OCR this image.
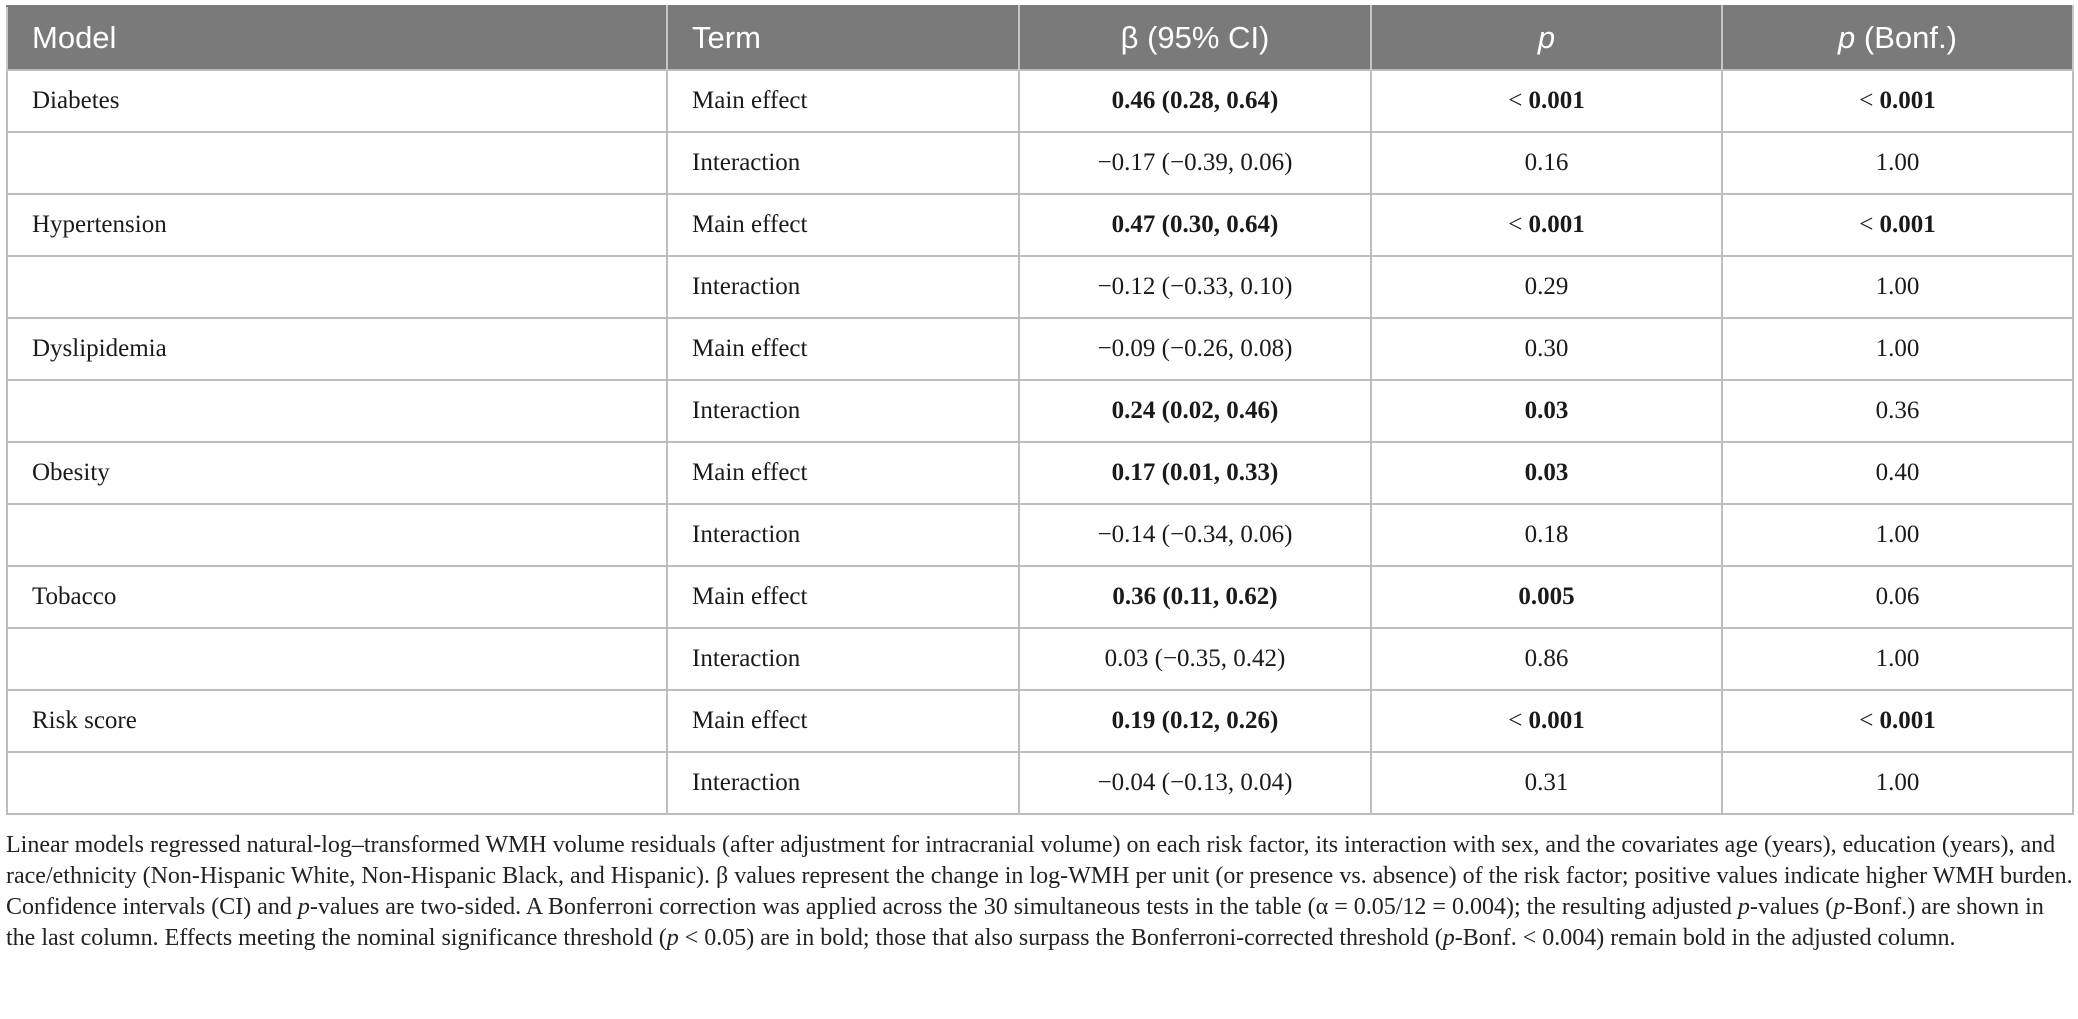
Model	Term	β (95% CI)	p	p (Bonf.)
Diabetes	Main effect	0.46 (0.28, 0.64)	< 0.001	< 0.001
	Interaction	−0.17 (−0.39, 0.06)	0.16	1.00
Hypertension	Main effect	0.47 (0.30, 0.64)	< 0.001	< 0.001
	Interaction	−0.12 (−0.33, 0.10)	0.29	1.00
Dyslipidemia	Main effect	−0.09 (−0.26, 0.08)	0.30	1.00
	Interaction	0.24 (0.02, 0.46)	0.03	0.36
Obesity	Main effect	0.17 (0.01, 0.33)	0.03	0.40
	Interaction	−0.14 (−0.34, 0.06)	0.18	1.00
Tobacco	Main effect	0.36 (0.11, 0.62)	0.005	0.06
	Interaction	0.03 (−0.35, 0.42)	0.86	1.00
Risk score	Main effect	0.19 (0.12, 0.26)	< 0.001	< 0.001
	Interaction	−0.04 (−0.13, 0.04)	0.31	1.00

Linear models regressed natural-log–transformed WMH volume residuals (after adjustment for intracranial volume) on each risk factor, its interaction with sex, and the covariates age (years), education (years), and race/ethnicity (Non-Hispanic White, Non-Hispanic Black, and Hispanic). β values represent the change in log-WMH per unit (or presence vs. absence) of the risk factor; positive values indicate higher WMH burden. Confidence intervals (CI) and p-values are two-sided. A Bonferroni correction was applied across the 30 simultaneous tests in the table (α = 0.05/12 = 0.004); the resulting adjusted p-values (p-Bonf.) are shown in the last column. Effects meeting the nominal significance threshold (p < 0.05) are in bold; those that also surpass the Bonferroni-corrected threshold (p-Bonf. < 0.004) remain bold in the adjusted column.
